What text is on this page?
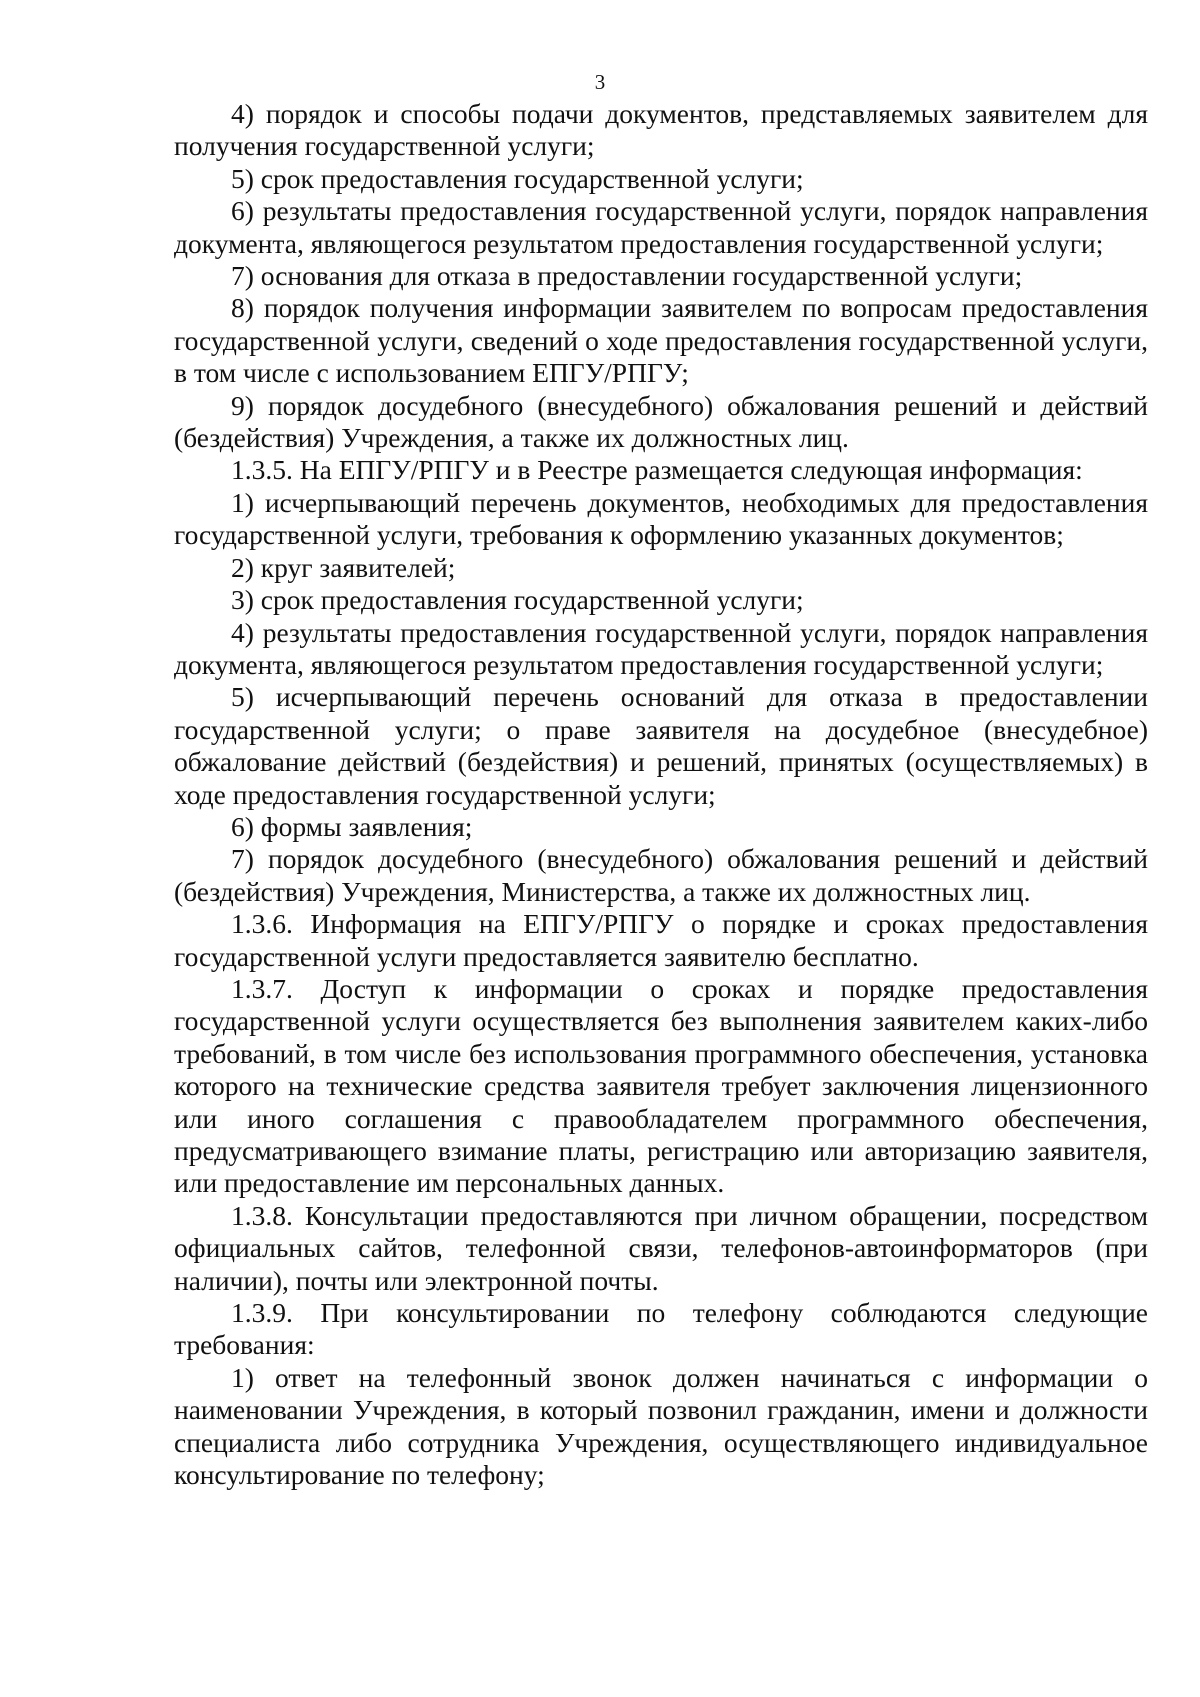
3

4) порядок и способы подачи документов, представляемых заявителем для получения государственной услуги;

5) срок предоставления государственной услуги;

6) результаты предоставления государственной услуги, порядок направления документа, являющегося результатом предоставления государственной услуги;

7) основания для отказа в предоставлении государственной услуги;

8) порядок получения информации заявителем по вопросам предоставления государственной услуги, сведений о ходе предоставления государственной услуги, в том числе с использованием ЕПГУ/РПГУ;

9) порядок досудебного (внесудебного) обжалования решений и действий (бездействия) Учреждения, а также их должностных лиц.

1.3.5. На ЕПГУ/РПГУ и в Реестре размещается следующая информация:

1) исчерпывающий перечень документов, необходимых для предоставления государственной услуги, требования к оформлению указанных документов;

2) круг заявителей;

3) срок предоставления государственной услуги;

4) результаты предоставления государственной услуги, порядок направления документа, являющегося результатом предоставления государственной услуги;

5) исчерпывающий перечень оснований для отказа в предоставлении государственной услуги; о праве заявителя на досудебное (внесудебное) обжалование действий (бездействия) и решений, принятых (осуществляемых) в ходе предоставления государственной услуги;

6) формы заявления;

7) порядок досудебного (внесудебного) обжалования решений и действий (бездействия) Учреждения, Министерства, а также их должностных лиц.

1.3.6. Информация на ЕПГУ/РПГУ о порядке и сроках предоставления государственной услуги предоставляется заявителю бесплатно.

1.3.7. Доступ к информации о сроках и порядке предоставления государственной услуги осуществляется без выполнения заявителем каких-либо требований, в том числе без использования программного обеспечения, установка которого на технические средства заявителя требует заключения лицензионного или иного соглашения с правообладателем программного обеспечения, предусматривающего взимание платы, регистрацию или авторизацию заявителя, или предоставление им персональных данных.

1.3.8. Консультации предоставляются при личном обращении, посредством официальных сайтов, телефонной связи, телефонов-автоинформаторов (при наличии), почты или электронной почты.

1.3.9. При консультировании по телефону соблюдаются следующие требования:

1) ответ на телефонный звонок должен начинаться с информации о наименовании Учреждения, в который позвонил гражданин, имени и должности специалиста либо сотрудника Учреждения, осуществляющего индивидуальное консультирование по телефону;
